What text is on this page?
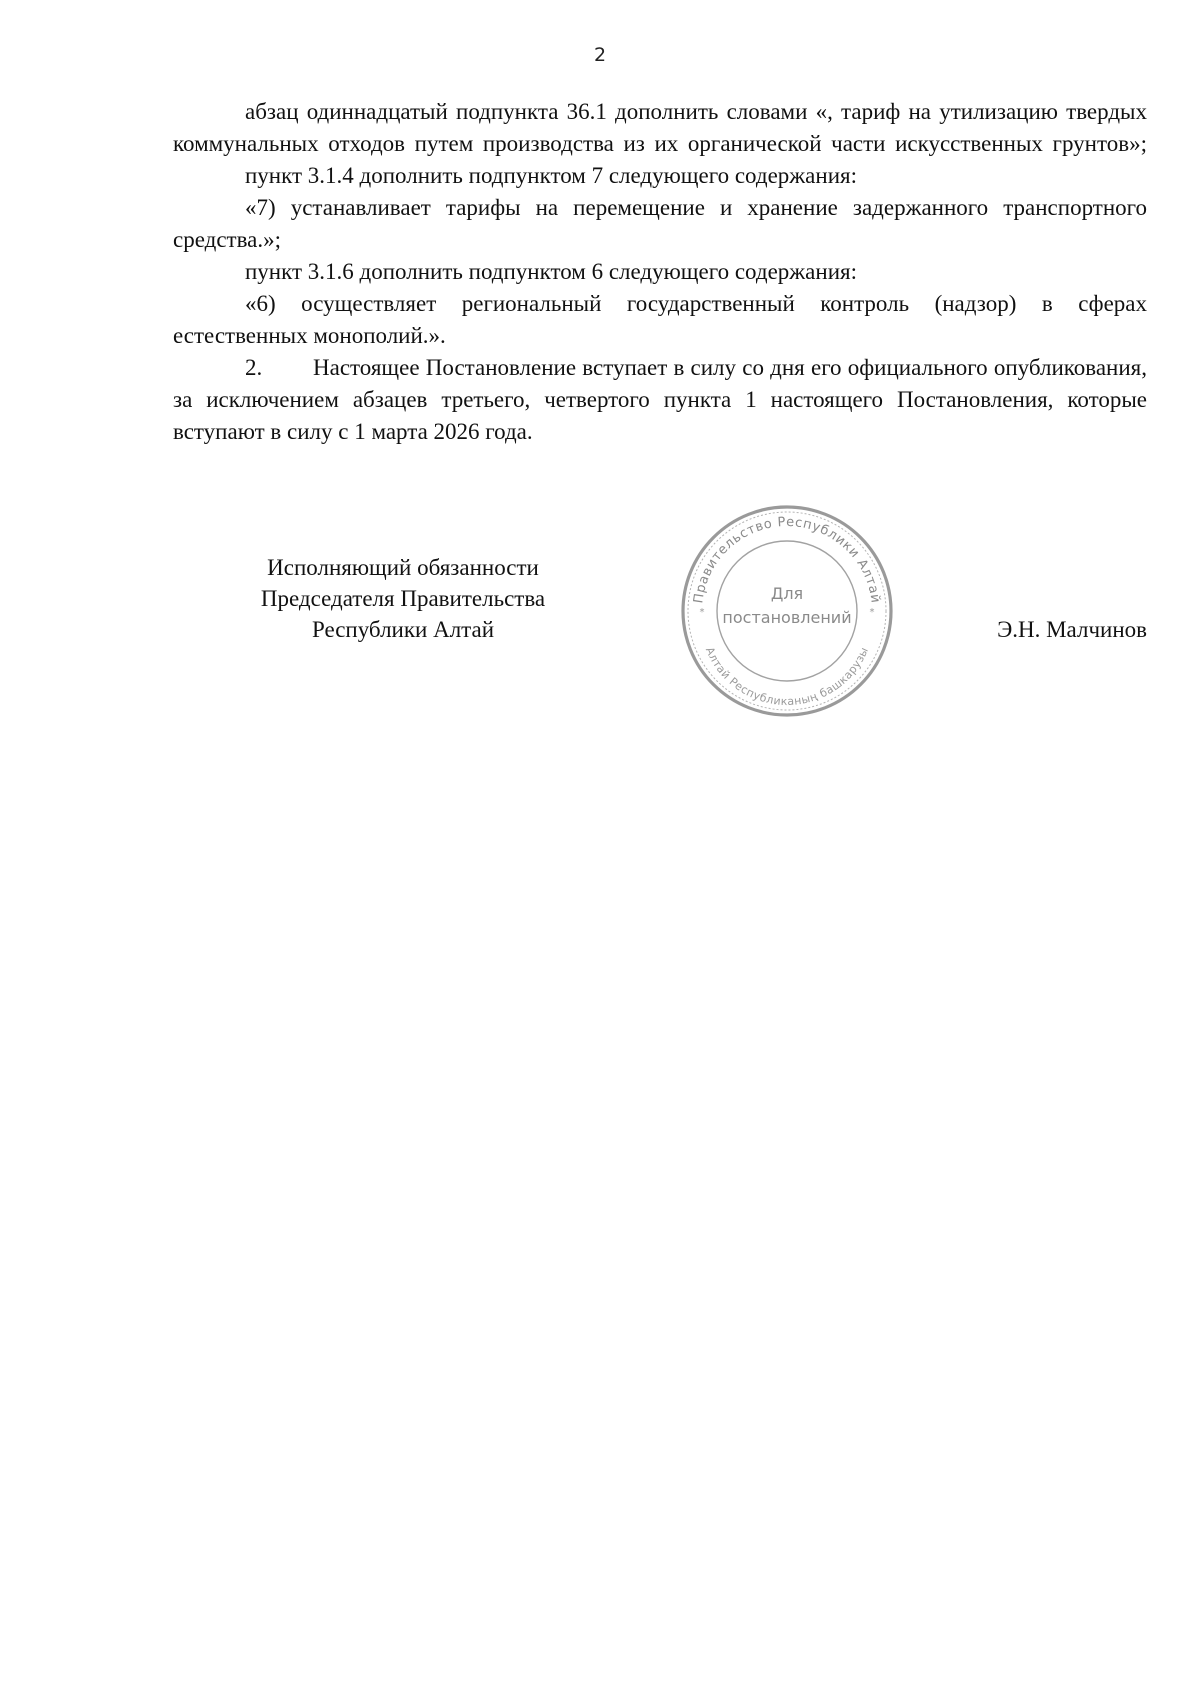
2

абзац одиннадцатый подпункта 36.1 дополнить словами «, тариф на утилизацию твердых коммунальных отходов путем производства из их органической части искусственных грунтов»;

пункт 3.1.4 дополнить подпунктом 7 следующего содержания:

«7) устанавливает тарифы на перемещение и хранение задержанного транспортного средства.»;

пункт 3.1.6 дополнить подпунктом 6 следующего содержания:

«6) осуществляет региональный государственный контроль (надзор) в сферах естественных монополий.».

2. Настоящее Постановление вступает в силу со дня его официального опубликования, за исключением абзацев третьего, четвертого пункта 1 настоящего Постановления, которые вступают в силу с 1 марта 2026 года.

Исполняющий обязанности
Председателя Правительства
Республики Алтай
Правительство Республики Алтай
Алтай Республиканың башкарузы
*	*
Для
постановлений	Э.Н. Малчинов
